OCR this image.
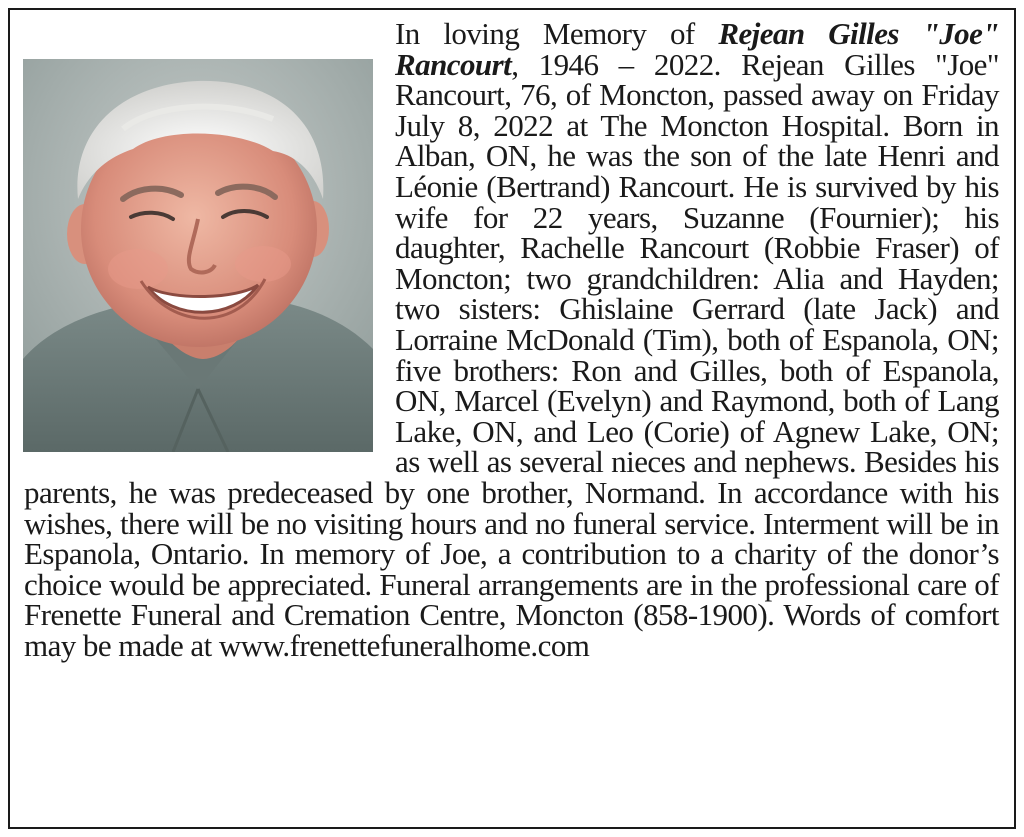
In loving Memory of Rejean Gilles "Joe" Rancourt, 1946 – 2022. Rejean Gilles "Joe" Rancourt, 76, of Moncton, passed away on Friday July 8, 2022 at The Moncton Hospital. Born in Alban, ON, he was the son of the late Henri and Léonie (Bertrand) Rancourt. He is survived by his wife for 22 years, Suzanne (Fournier); his daughter, Rachelle Rancourt (Robbie Fraser) of Moncton; two grandchildren: Alia and Hayden; two sisters: Ghislaine Gerrard (late Jack) and Lorraine McDonald (Tim), both of Espanola, ON; five brothers: Ron and Gilles, both of Espanola, ON, Marcel (Evelyn) and Raymond, both of Lang Lake, ON, and Leo (Corie) of Agnew Lake, ON; as well as several nieces and nephews. Besides his parents, he was predeceased by one brother, Normand. In accordance with his wishes, there will be no visiting hours and no funeral service. Interment will be in Espanola, Ontario. In memory of Joe, a contribution to a charity of the donor’s choice would be appreciated. Funeral arrangements are in the professional care of Frenette Funeral and Cremation Centre, Moncton (858-1900). Words of comfort may be made at www.frenettefuneralhome.com
